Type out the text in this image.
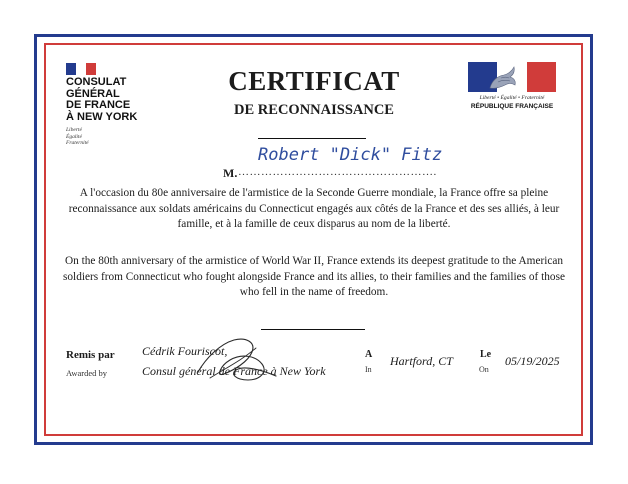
CONSULAT
GÉNÉRAL
DE FRANCE
À NEW YORK
Liberté
Égalité
Fraternité
CERTIFICAT
DE RECONNAISSANCE
M. …………………………………………….
Robert "Dick" Fitz
Liberté • Égalité • Fraternité
RÉPUBLIQUE FRANÇAISE
A l'occasion du 80e anniversaire de l'armistice de la Seconde Guerre mondiale, la France offre sa pleine reconnaissance aux soldats américains du Connecticut engagés aux côtés de la France et des ses alliés, à leur famille, et à la famille de ceux disparus au nom de la liberté.
On the 80th anniversary of the armistice of World War II, France extends its deepest gratitude to the American soldiers from Connecticut who fought alongside France and its allies, to their families and the families of those who fell in the name of freedom.
Remis par
Awarded by
Cédrik Fouriscot,
Consul général de France à New York
A
In
Hartford, CT	Le
On
05/19/2025
